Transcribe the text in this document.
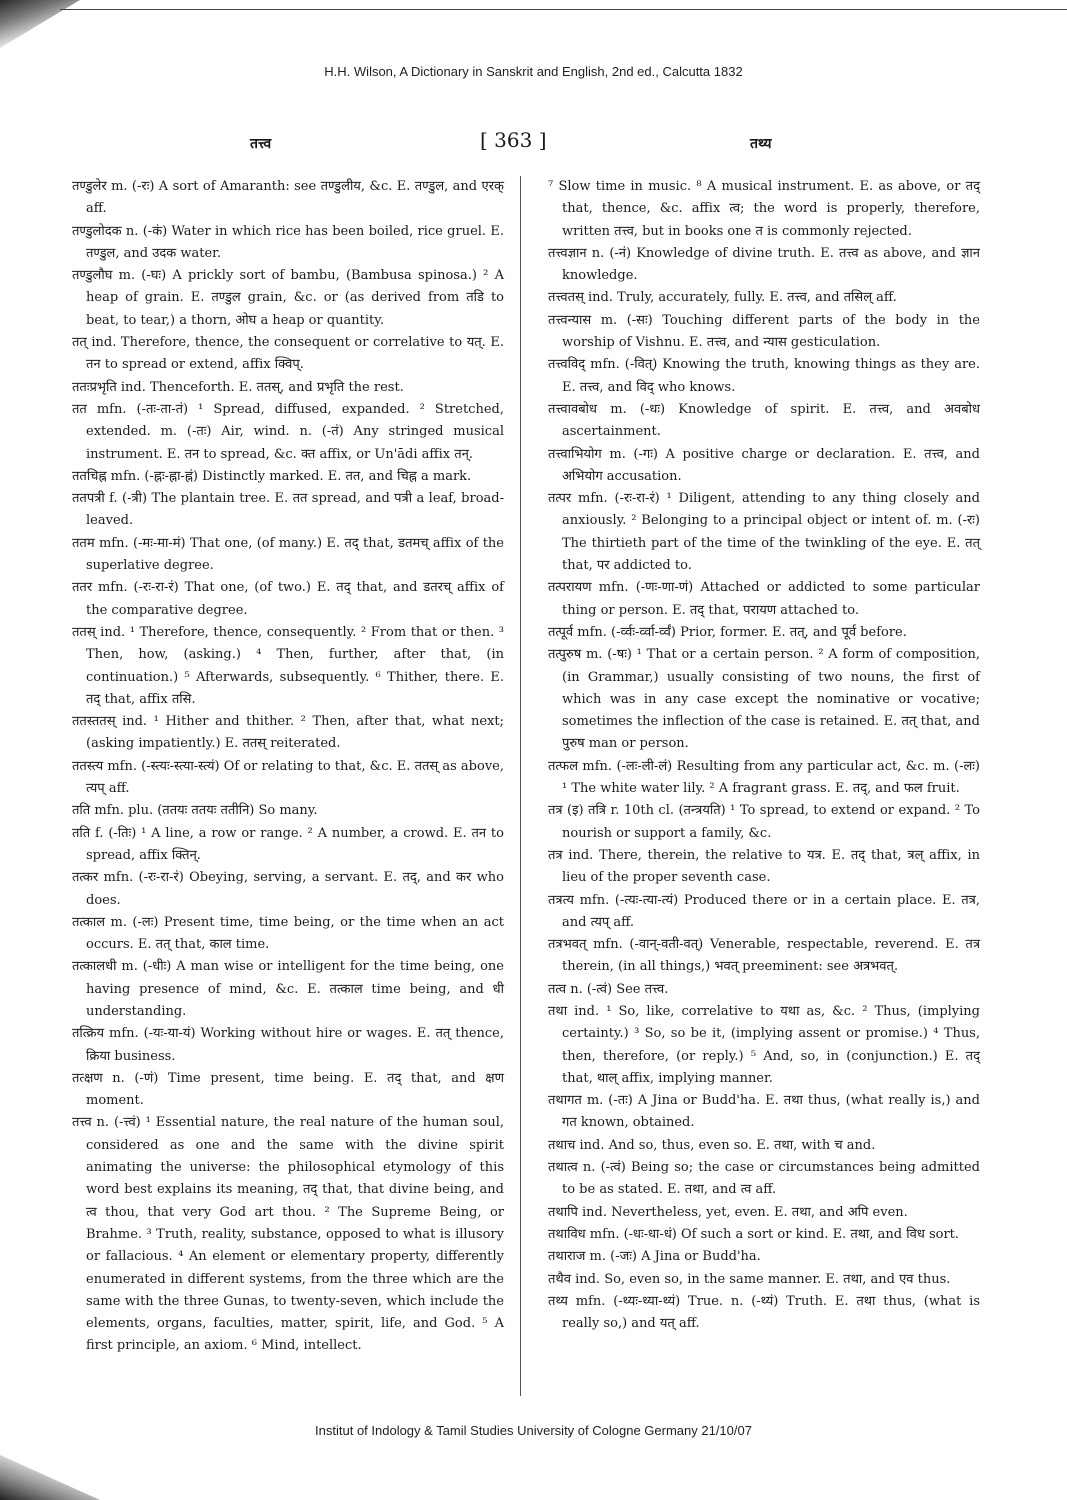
H.H. Wilson, A Dictionary in Sanskrit and English, 2nd ed., Calcutta 1832
तत्त्व	[ 363 ]	तथ्य

तण्डुलेर m. (-रः) A sort of Amaranth: see तण्डुलीय, &c. E. तण्डुल, and एरक् aff.

तण्डुलोदक n. (-कं) Water in which rice has been boiled, rice gruel. E. तण्डुल, and उदक water.

तण्डुलौघ m. (-घः) A prickly sort of bambu, (Bambusa spinosa.) ² A heap of grain. E. तण्डुल grain, &c. or (as derived from तडि to beat, to tear,) a thorn, ओघ a heap or quantity.

तत् ind. Therefore, thence, the consequent or correlative to यत्. E. तन to spread or extend, affix क्विप्.

ततःप्रभृति ind. Thenceforth. E. ततस्, and प्रभृति the rest.

तत mfn. (-तः-ता-तं) ¹ Spread, diffused, expanded. ² Stretched, extended. m. (-तः) Air, wind. n. (-तं) Any stringed musical instrument. E. तन to spread, &c. क्त affix, or Un'ādi affix तन्.

ततचिह्न mfn. (-ह्नः-ह्ना-ह्नं) Distinctly marked. E. तत, and चिह्न a mark.

ततपत्री f. (-त्री) The plantain tree. E. तत spread, and पत्री a leaf, broad-leaved.

ततम mfn. (-मः-मा-मं) That one, (of many.) E. तद् that, डतमच् affix of the superlative degree.

ततर mfn. (-रः-रा-रं) That one, (of two.) E. तद् that, and डतरच् affix of the comparative degree.

ततस् ind. ¹ Therefore, thence, consequently. ² From that or then. ³ Then, how, (asking.) ⁴ Then, further, after that, (in continuation.) ⁵ Afterwards, subsequently. ⁶ Thither, there. E. तद् that, affix तसि.

ततस्ततस् ind. ¹ Hither and thither. ² Then, after that, what next; (asking impatiently.) E. ततस् reiterated.

ततस्त्य mfn. (-स्त्यः-स्त्या-स्त्यं) Of or relating to that, &c. E. ततस् as above, त्यप् aff.

तति mfn. plu. (ततयः ततयः ततीनि) So many.

तति f. (-तिः) ¹ A line, a row or range. ² A number, a crowd. E. तन to spread, affix क्तिन्.

तत्कर mfn. (-रः-रा-रं) Obeying, serving, a servant. E. तद्, and कर who does.

तत्काल m. (-लः) Present time, time being, or the time when an act occurs. E. तत् that, काल time.

तत्कालधी m. (-धीः) A man wise or intelligent for the time being, one having presence of mind, &c. E. तत्काल time being, and धी understanding.

तत्क्रिय mfn. (-यः-या-यं) Working without hire or wages. E. तत् thence, क्रिया business.

तत्क्षण n. (-णं) Time present, time being. E. तद् that, and क्षण moment.

तत्त्व n. (-त्त्वं) ¹ Essential nature, the real nature of the human soul, considered as one and the same with the divine spirit animating the universe: the philosophical etymology of this word best explains its meaning, तद् that, that divine being, and त्व thou, that very God art thou. ² The Supreme Being, or Brahme. ³ Truth, reality, substance, opposed to what is illusory or fallacious. ⁴ An element or elementary property, differently enumerated in different systems, from the three which are the same with the three Gunas, to twenty-seven, which include the elements, organs, faculties, matter, spirit, life, and God. ⁵ A first principle, an axiom. ⁶ Mind, intellect.

⁷ Slow time in music. ⁸ A musical instrument. E. as above, or तद् that, thence, &c. affix त्व; the word is properly, therefore, written तत्त्व, but in books one त is commonly rejected.

तत्त्वज्ञान n. (-नं) Knowledge of divine truth. E. तत्त्व as above, and ज्ञान knowledge.

तत्त्वतस् ind. Truly, accurately, fully. E. तत्त्व, and तसिल् aff.

तत्त्वन्यास m. (-सः) Touching different parts of the body in the worship of Vishnu. E. तत्त्व, and न्यास gesticulation.

तत्त्वविद् mfn. (-वित्) Knowing the truth, knowing things as they are. E. तत्त्व, and विद् who knows.

तत्त्वावबोध m. (-धः) Knowledge of spirit. E. तत्त्व, and अवबोध ascertainment.

तत्त्वाभियोग m. (-गः) A positive charge or declaration. E. तत्त्व, and अभियोग accusation.

तत्पर mfn. (-रः-रा-रं) ¹ Diligent, attending to any thing closely and anxiously. ² Belonging to a principal object or intent of. m. (-रः) The thirtieth part of the time of the twinkling of the eye. E. तत् that, पर addicted to.

तत्परायण mfn. (-णः-णा-णं) Attached or addicted to some particular thing or person. E. तद् that, परायण attached to.

तत्पूर्व mfn. (-र्व्वः-र्व्वा-र्व्वं) Prior, former. E. तत्, and पूर्व before.

तत्पुरुष m. (-षः) ¹ That or a certain person. ² A form of composition, (in Grammar,) usually consisting of two nouns, the first of which was in any case except the nominative or vocative; sometimes the inflection of the case is retained. E. तत् that, and पुरुष man or person.

तत्फल mfn. (-लः-ली-लं) Resulting from any particular act, &c. m. (-लः) ¹ The white water lily. ² A fragrant grass. E. तद्, and फल fruit.

तत्र (इ) तत्रि r. 10th cl. (तन्त्रयति) ¹ To spread, to extend or expand. ² To nourish or support a family, &c.

तत्र ind. There, therein, the relative to यत्र. E. तद् that, त्रल् affix, in lieu of the proper seventh case.

तत्रत्य mfn. (-त्यः-त्या-त्यं) Produced there or in a certain place. E. तत्र, and त्यप् aff.

तत्रभवत् mfn. (-वान्-वती-वत्) Venerable, respectable, reverend. E. तत्र therein, (in all things,) भवत् preeminent: see अत्रभवत्.

तत्व n. (-त्वं) See तत्त्व.

तथा ind. ¹ So, like, correlative to यथा as, &c. ² Thus, (implying certainty.) ³ So, so be it, (implying assent or promise.) ⁴ Thus, then, therefore, (or reply.) ⁵ And, so, in (conjunction.) E. तद् that, थाल् affix, implying manner.

तथागत m. (-तः) A Jina or Budd'ha. E. तथा thus, (what really is,) and गत known, obtained.

तथाच ind. And so, thus, even so. E. तथा, with च and.

तथात्व n. (-त्वं) Being so; the case or circumstances being admitted to be as stated. E. तथा, and त्व aff.

तथापि ind. Nevertheless, yet, even. E. तथा, and अपि even.

तथाविध mfn. (-धः-धा-धं) Of such a sort or kind. E. तथा, and विध sort.

तथाराज m. (-जः) A Jina or Budd'ha.

तथैव ind. So, even so, in the same manner. E. तथा, and एव thus.

तथ्य mfn. (-थ्यः-थ्या-थ्यं) True. n. (-थ्यं) Truth. E. तथा thus, (what is really so,) and यत् aff.

Institut of Indology & Tamil Studies University of Cologne Germany 21/10/07
